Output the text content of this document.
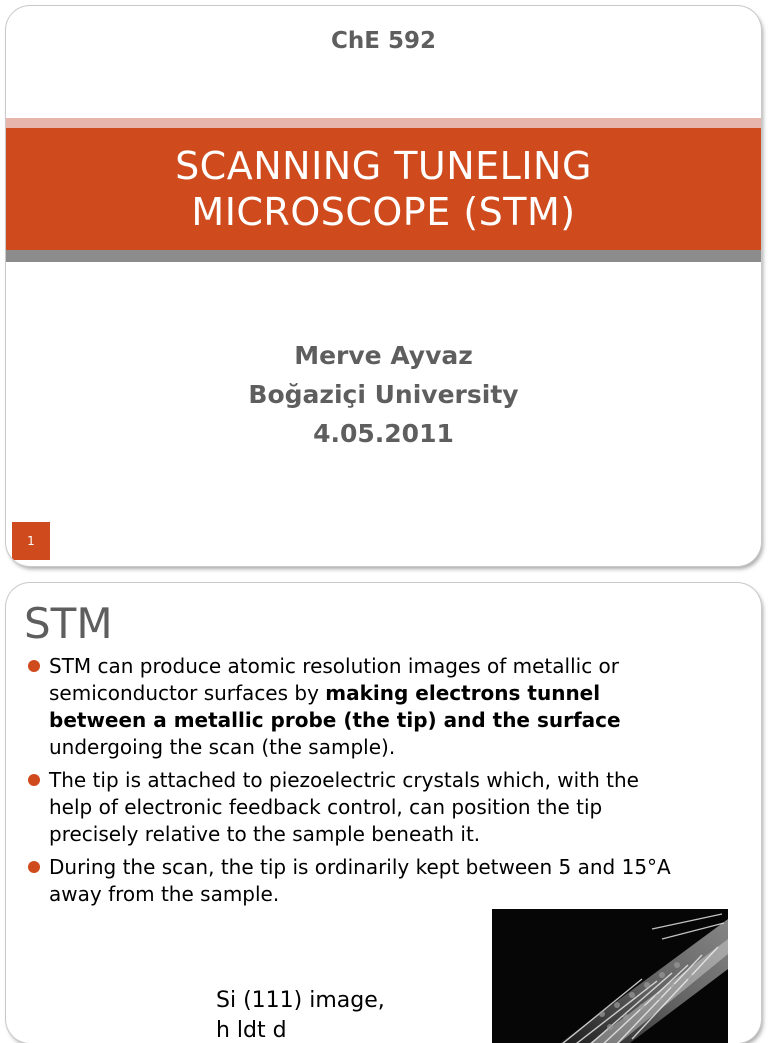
ChE 592
SCANNING TUNELING
MICROSCOPE (STM)
Merve Ayvaz
Boğaziçi University
4.05.2011
1
STM
STM can produce atomic resolution images of metallic or semiconductor surfaces by making electrons tunnel between a metallic probe (the tip) and the surface undergoing the scan (the sample).
The tip is attached to piezoelectric crystals which, with the help of electronic feedback control, can position the tip precisely relative to the sample beneath it.
During the scan, the tip is ordinarily kept between 5 and 15°A away from the sample.
Si (111) image,
h ldt d
